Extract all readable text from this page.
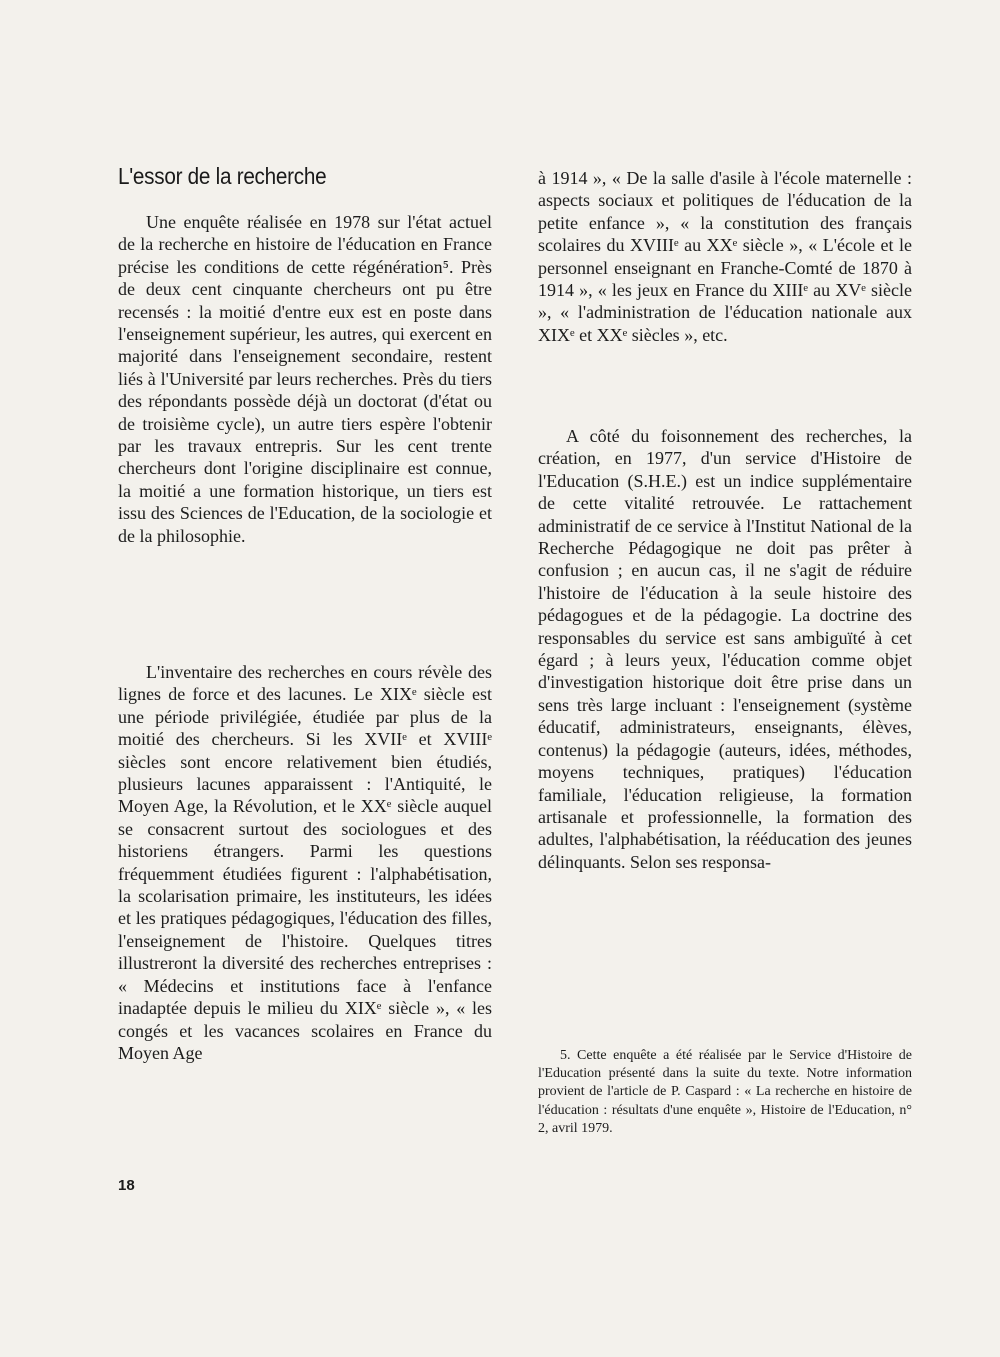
L'essor de la recherche

Une enquête réalisée en 1978 sur l'état actuel de la recherche en histoire de l'éducation en France précise les conditions de cette régénération⁵. Près de deux cent cinquante chercheurs ont pu être recensés : la moitié d'entre eux est en poste dans l'enseignement supérieur, les autres, qui exercent en majorité dans l'enseignement secondaire, restent liés à l'Université par leurs recherches. Près du tiers des répondants possède déjà un doctorat (d'état ou de troisième cycle), un autre tiers espère l'obtenir par les travaux entrepris. Sur les cent trente chercheurs dont l'origine disciplinaire est connue, la moitié a une formation historique, un tiers est issu des Sciences de l'Education, de la sociologie et de la philosophie.

L'inventaire des recherches en cours révèle des lignes de force et des lacunes. Le XIXᵉ siècle est une période privilégiée, étudiée par plus de la moitié des chercheurs. Si les XVIIᵉ et XVIIIᵉ siècles sont encore relativement bien étudiés, plusieurs lacunes apparaissent : l'Antiquité, le Moyen Age, la Révolution, et le XXᵉ siècle auquel se consacrent surtout des sociologues et des historiens étrangers. Parmi les questions fréquemment étudiées figurent : l'alphabétisation, la scolarisation primaire, les instituteurs, les idées et les pratiques pédagogiques, l'éducation des filles, l'enseignement de l'histoire. Quelques titres illustreront la diversité des recherches entreprises : « Médecins et institutions face à l'enfance inadaptée depuis le milieu du XIXᵉ siècle », « les congés et les vacances scolaires en France du Moyen Age

à 1914 », « De la salle d'asile à l'école maternelle : aspects sociaux et politiques de l'éducation de la petite enfance », « la constitution des français scolaires du XVIIIᵉ au XXᵉ siècle », « L'école et le personnel enseignant en Franche-Comté de 1870 à 1914 », « les jeux en France du XIIIᵉ au XVᵉ siècle », « l'administration de l'éducation nationale aux XIXᵉ et XXᵉ siècles », etc.

A côté du foisonnement des recherches, la création, en 1977, d'un service d'Histoire de l'Education (S.H.E.) est un indice supplémentaire de cette vitalité retrouvée. Le rattachement administratif de ce service à l'Institut National de la Recherche Pédagogique ne doit pas prêter à confusion ; en aucun cas, il ne s'agit de réduire l'histoire de l'éducation à la seule histoire des pédagogues et de la pédagogie. La doctrine des responsables du service est sans ambiguïté à cet égard ; à leurs yeux, l'éducation comme objet d'investigation historique doit être prise dans un sens très large incluant : l'enseignement (système éducatif, administrateurs, enseignants, élèves, contenus) la pédagogie (auteurs, idées, méthodes, moyens techniques, pratiques) l'éducation familiale, l'éducation religieuse, la formation artisanale et professionnelle, la formation des adultes, l'alphabétisation, la rééducation des jeunes délinquants. Selon ses responsa-

5. Cette enquête a été réalisée par le Service d'Histoire de l'Education présenté dans la suite du texte. Notre information provient de l'article de P. Caspard : « La recherche en histoire de l'éducation : résultats d'une enquête », Histoire de l'Education, n° 2, avril 1979.

18
